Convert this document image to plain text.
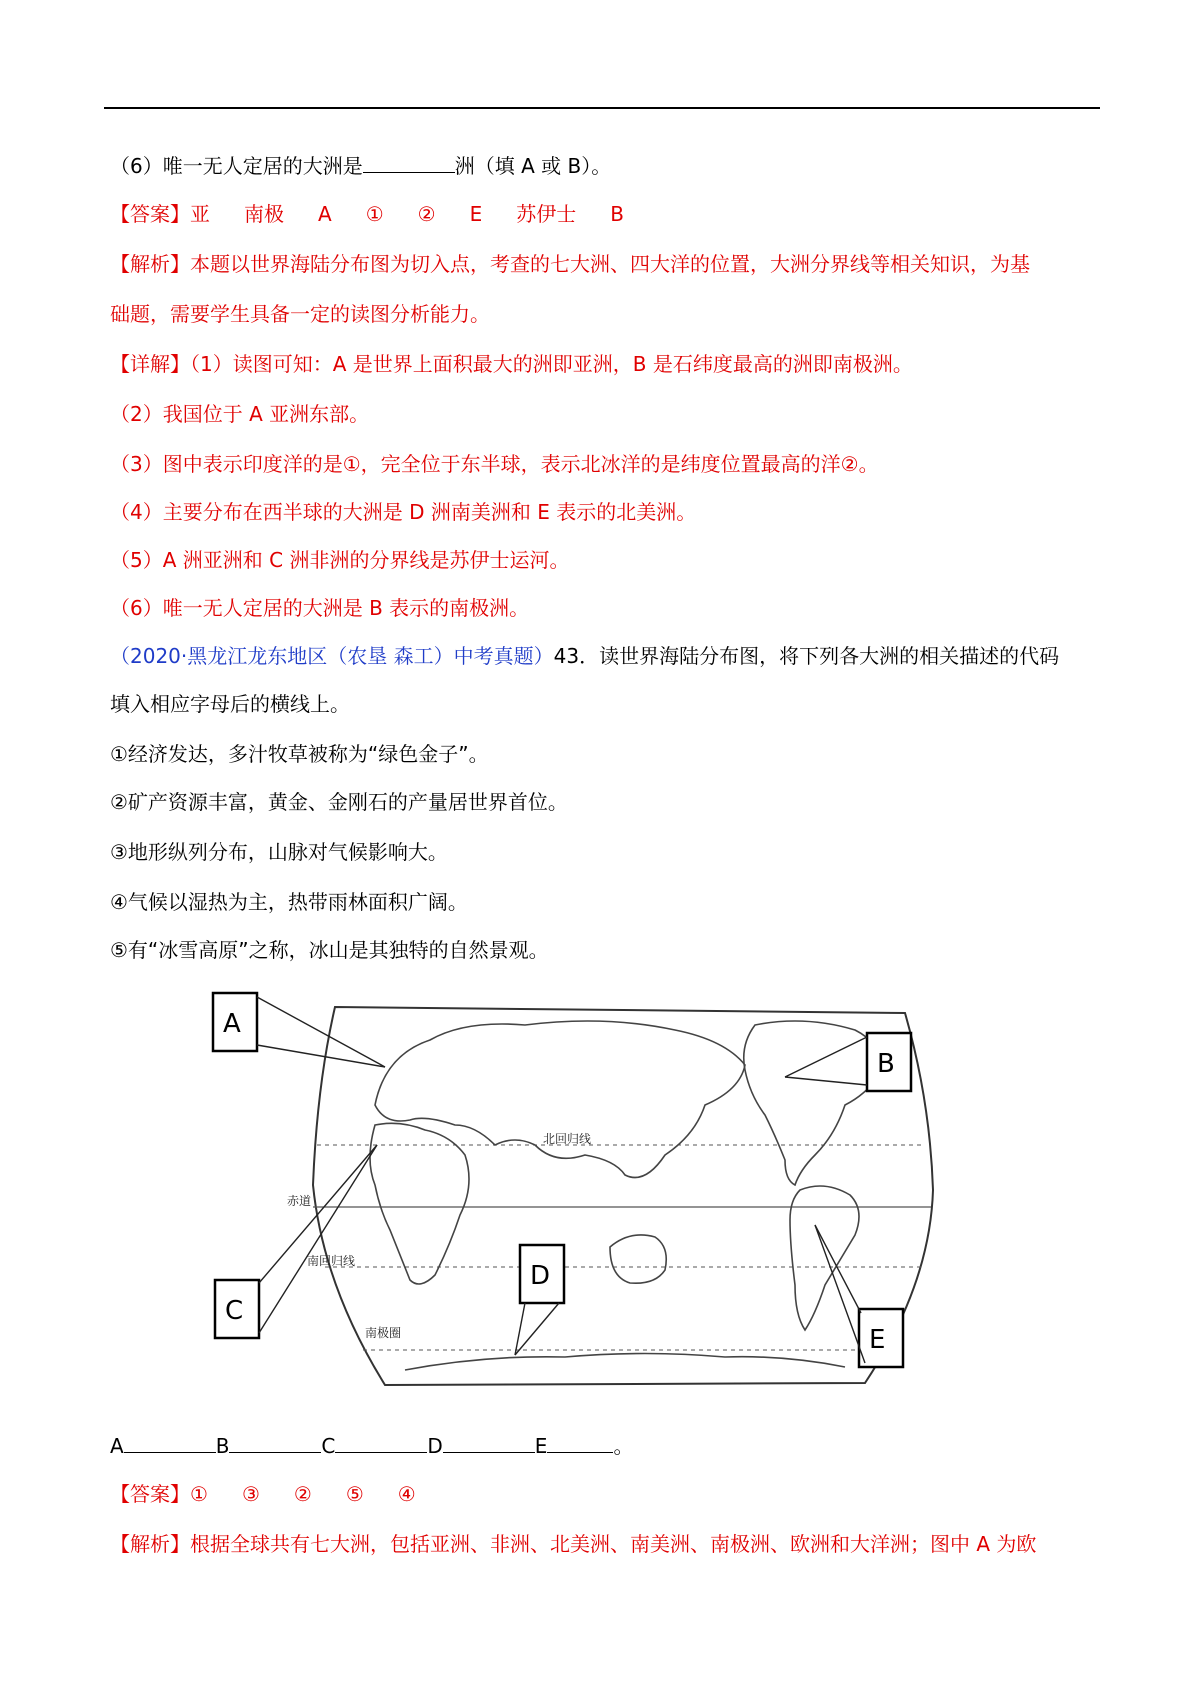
（6）唯一无人定居的大洲是	洲（填 A 或 B）。
【答案】亚 南极 A ① ② E 苏伊士 B
【解析】本题以世界海陆分布图为切入点，考查的七大洲、四大洋的位置，大洲分界线等相关知识，为基
础题，需要学生具备一定的读图分析能力。
【详解】（1）读图可知：A 是世界上面积最大的洲即亚洲，B 是石纬度最高的洲即南极洲。
（2）我国位于 A 亚洲东部。
（3）图中表示印度洋的是①，完全位于东半球，表示北冰洋的是纬度位置最高的洋②。
（4）主要分布在西半球的大洲是 D 洲南美洲和 E 表示的北美洲。
（5）A 洲亚洲和 C 洲非洲的分界线是苏伊士运河。
（6）唯一无人定居的大洲是 B 表示的南极洲。
（2020·黑龙江龙东地区（农垦 森工）中考真题）43．读世界海陆分布图，将下列各大洲的相关描述的代码
填入相应字母后的横线上。
①经济发达，多汁牧草被称为“绿色金子”。
②矿产资源丰富，黄金、金刚石的产量居世界首位。
③地形纵列分布，山脉对气候影响大。
④气候以湿热为主，热带雨林面积广阔。
⑤有“冰雪高原”之称，冰山是其独特的自然景观。
赤道
北回归线
南回归线
南极圈
A
B
C
D
E
A	B	C	D	E	。
【答案】① ③ ② ⑤ ④
【解析】根据全球共有七大洲，包括亚洲、非洲、北美洲、南美洲、南极洲、欧洲和大洋洲；图中 A 为欧
